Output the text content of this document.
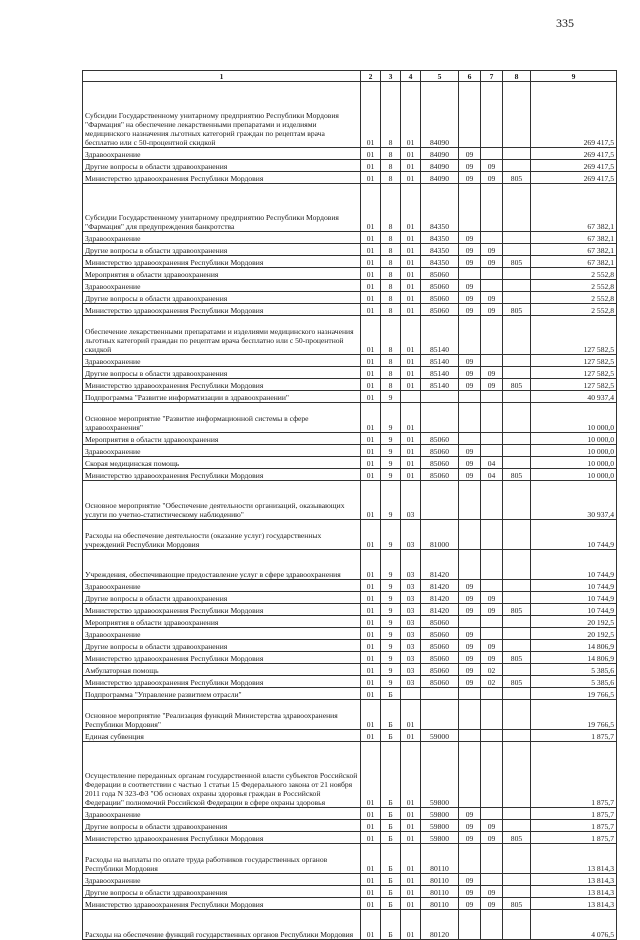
335
1	2	3	4	5	6	7	8	9
Субсидии Государственному унитарному предприятию Республики Мордовия "Фармация" на обеспечение лекарственными препаратами и изделиями медицинского назначения льготных категорий граждан по рецептам врача бесплатно или с 50-процентной скидкой	01	8	01	84090				269 417,5
Здравоохранение	01	8	01	84090	09			269 417,5
Другие вопросы в области здравоохранения	01	8	01	84090	09	09		269 417,5
Министерство здравоохранения Республики Мордовия	01	8	01	84090	09	09	805	269 417,5
Субсидии Государственному унитарному предприятию Республики Мордовия "Фармация" для предупреждения банкротства	01	8	01	84350				67 382,1
Здравоохранение	01	8	01	84350	09			67 382,1
Другие вопросы в области здравоохранения	01	8	01	84350	09	09		67 382,1
Министерство здравоохранения Республики Мордовия	01	8	01	84350	09	09	805	67 382,1
Мероприятия в области здравоохранения	01	8	01	85060				2 552,8
Здравоохранение	01	8	01	85060	09			2 552,8
Другие вопросы в области здравоохранения	01	8	01	85060	09	09		2 552,8
Министерство здравоохранения Республики Мордовия	01	8	01	85060	09	09	805	2 552,8
Обеспечение лекарственными препаратами и изделиями медицинского назначения льготных категорий граждан по рецептам врача бесплатно или с 50-процентной скидкой	01	8	01	85140				127 582,5
Здравоохранение	01	8	01	85140	09			127 582,5
Другие вопросы в области здравоохранения	01	8	01	85140	09	09		127 582,5
Министерство здравоохранения Республики Мордовия	01	8	01	85140	09	09	805	127 582,5
Подпрограмма "Развитие информатизации в здравоохранении"	01	9						40 937,4
Основное мероприятие "Развитие информационной системы в сфере здравоохранения"	01	9	01					10 000,0
Мероприятия в области здравоохранения	01	9	01	85060				10 000,0
Здравоохранение	01	9	01	85060	09			10 000,0
Скорая медицинская помощь	01	9	01	85060	09	04		10 000,0
Министерство здравоохранения Республики Мордовия	01	9	01	85060	09	04	805	10 000,0
Основное мероприятие "Обеспечение деятельности организаций, оказывающих услуги по учетно-статистическому наблюдению"	01	9	03					30 937,4
Расходы на обеспечение деятельности (оказание услуг) государственных учреждений Республики Мордовия	01	9	03	81000				10 744,9
Учреждения, обеспечивающие предоставление услуг в сфере здравоохранения	01	9	03	81420				10 744,9
Здравоохранение	01	9	03	81420	09			10 744,9
Другие вопросы в области здравоохранения	01	9	03	81420	09	09		10 744,9
Министерство здравоохранения Республики Мордовия	01	9	03	81420	09	09	805	10 744,9
Мероприятия в области здравоохранения	01	9	03	85060				20 192,5
Здравоохранение	01	9	03	85060	09			20 192,5
Другие вопросы в области здравоохранения	01	9	03	85060	09	09		14 806,9
Министерство здравоохранения Республики Мордовия	01	9	03	85060	09	09	805	14 806,9
Амбулаторная помощь	01	9	03	85060	09	02		5 385,6
Министерство здравоохранения Республики Мордовия	01	9	03	85060	09	02	805	5 385,6
Подпрограмма "Управление развитием отрасли"	01	Б						19 766,5
Основное мероприятие "Реализация функций Министерства здравоохранения Республики Мордовия"	01	Б	01					19 766,5
Единая субвенция	01	Б	01	59000				1 875,7
Осуществление переданных органам государственной власти субъектов Российской Федерации в соответствии с частью 1 статьи 15 Федерального закона от 21 ноября 2011 года N 323-ФЗ "Об основах охраны здоровья граждан в Российской Федерации" полномочий Российской Федерации в сфере охраны здоровья	01	Б	01	59800				1 875,7
Здравоохранение	01	Б	01	59800	09			1 875,7
Другие вопросы в области здравоохранения	01	Б	01	59800	09	09		1 875,7
Министерство здравоохранения Республики Мордовия	01	Б	01	59800	09	09	805	1 875,7
Расходы на выплаты по оплате труда работников государственных органов Республики Мордовия	01	Б	01	80110				13 814,3
Здравоохранение	01	Б	01	80110	09			13 814,3
Другие вопросы в области здравоохранения	01	Б	01	80110	09	09		13 814,3
Министерство здравоохранения Республики Мордовия	01	Б	01	80110	09	09	805	13 814,3
Расходы на обеспечение функций государственных органов Республики Мордовия	01	Б	01	80120				4 076,5
